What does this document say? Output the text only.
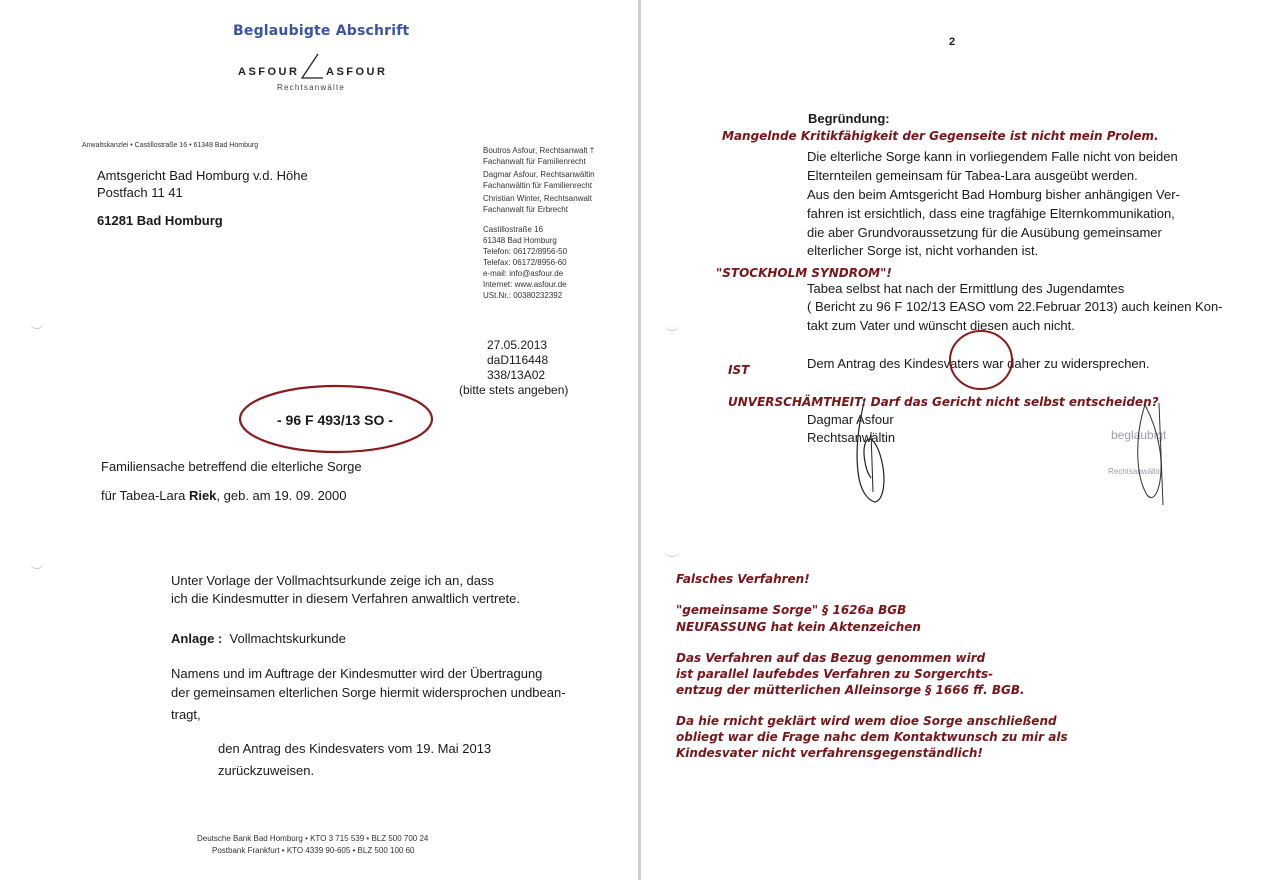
Beglaubigte Abschrift
ASFOUR ASFOUR
Rechtsanwälte
Anwaltskanzlei • Castillostraße 16 • 61348 Bad Homburg
Amtsgericht Bad Homburg v.d. Höhe
Postfach 11 41
61281 Bad Homburg
Boutros Asfour, Rechtsanwalt †
Fachanwalt für Familienrecht
Dagmar Asfour, Rechtsanwältin
Fachanwältin für Familienrecht
Christian Winter, Rechtsanwalt
Fachanwalt für Erbrecht
Castillostraße 16
61348 Bad Homburg
Telefon: 06172/8956-50
Telefax: 06172/8956-60
e-mail: info@asfour.de
Internet: www.asfour.de
USt.Nr.: 00380232392
27.05.2013
daD116448
338/13A02
(bitte stets angeben)
- 96 F 493/13 SO -
Familiensache betreffend die elterliche Sorge
für Tabea-Lara Riek, geb. am 19. 09. 2000
Unter Vorlage der Vollmachtsurkunde zeige ich an, dass
ich die Kindesmutter in diesem Verfahren anwaltlich vertrete.
Anlage : Vollmachtskurkunde
Namens und im Auftrage der Kindesmutter wird der Übertragung
der gemeinsamen elterlichen Sorge hiermit widersprochen undbean-
tragt,
den Antrag des Kindesvaters vom 19. Mai 2013
zurückzuweisen.
Deutsche Bank Bad Homburg • KTO 3 715 539 • BLZ 500 700 24
Postbank Frankfurt • KTO 4339 90-605 • BLZ 500 100 60
2
Begründung:
Mangelnde Kritikfähigkeit der Gegenseite ist nicht mein Prolem.
Die elterliche Sorge kann in vorliegendem Falle nicht von beiden
Elternteilen gemeinsam für Tabea-Lara ausgeübt werden.
Aus den beim Amtsgericht Bad Homburg bisher anhängigen Ver-
fahren ist ersichtlich, dass eine tragfähige Elternkommunikation,
die aber Grundvoraussetzung für die Ausübung gemeinsamer
elterlicher Sorge ist, nicht vorhanden ist.
"STOCKHOLM SYNDROM"!
Tabea selbst hat nach der Ermittlung des Jugendamtes
( Bericht zu 96 F 102/13 EASO vom 22.Februar 2013) auch keinen Kon-
takt zum Vater und wünscht diesen auch nicht.
Dem Antrag des Kindesvaters war daher zu widersprechen.
IST
UNVERSCHÄMTHEIT: Darf das Gericht nicht selbst entscheiden?
Dagmar Asfour
Rechtsanwältin	beglaubigt
Rechtsanwältin
Falsches Verfahren!
"gemeinsame Sorge" § 1626a BGB
NEUFASSUNG hat kein Aktenzeichen
Das Verfahren auf das Bezug genommen wird
ist parallel laufebdes Verfahren zu Sorgerchts-
entzug der mütterlichen Alleinsorge § 1666 ff. BGB.
Da hie rnicht geklärt wird wem dioe Sorge anschließend
obliegt war die Frage nahc dem Kontaktwunsch zu mir als
Kindesvater nicht verfahrensgegenständlich!
